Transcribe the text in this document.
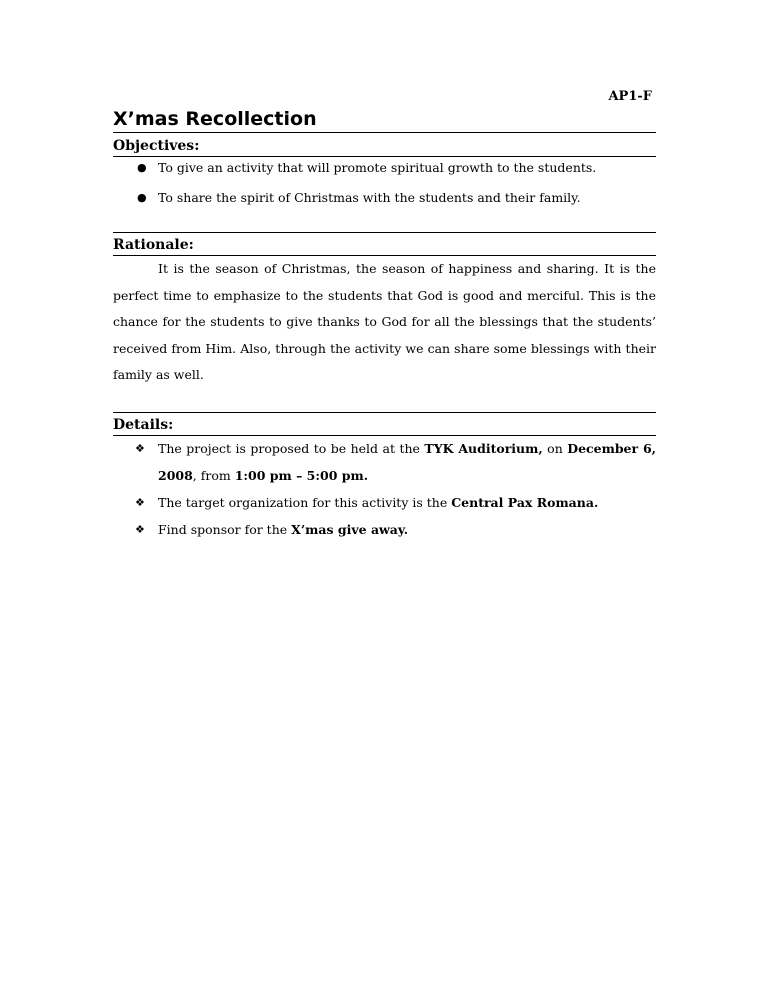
AP1-F
X’mas Recollection
Objectives:
● To give an activity that will promote spiritual growth to the students.
● To share the spirit of Christmas with the students and their family.
Rationale:

It is the season of Christmas, the season of happiness and sharing. It is the perfect time to emphasize to the students that God is good and merciful. This is the chance for the students to give thanks to God for all the blessings that the students’ received from Him. Also, through the activity we can share some blessings with their family as well.

Details:
❖ The project is proposed to be held at the TYK Auditorium, on December 6, 2008, from 1:00 pm – 5:00 pm.
❖ The target organization for this activity is the Central Pax Romana.
❖ Find sponsor for the X’mas give away.
